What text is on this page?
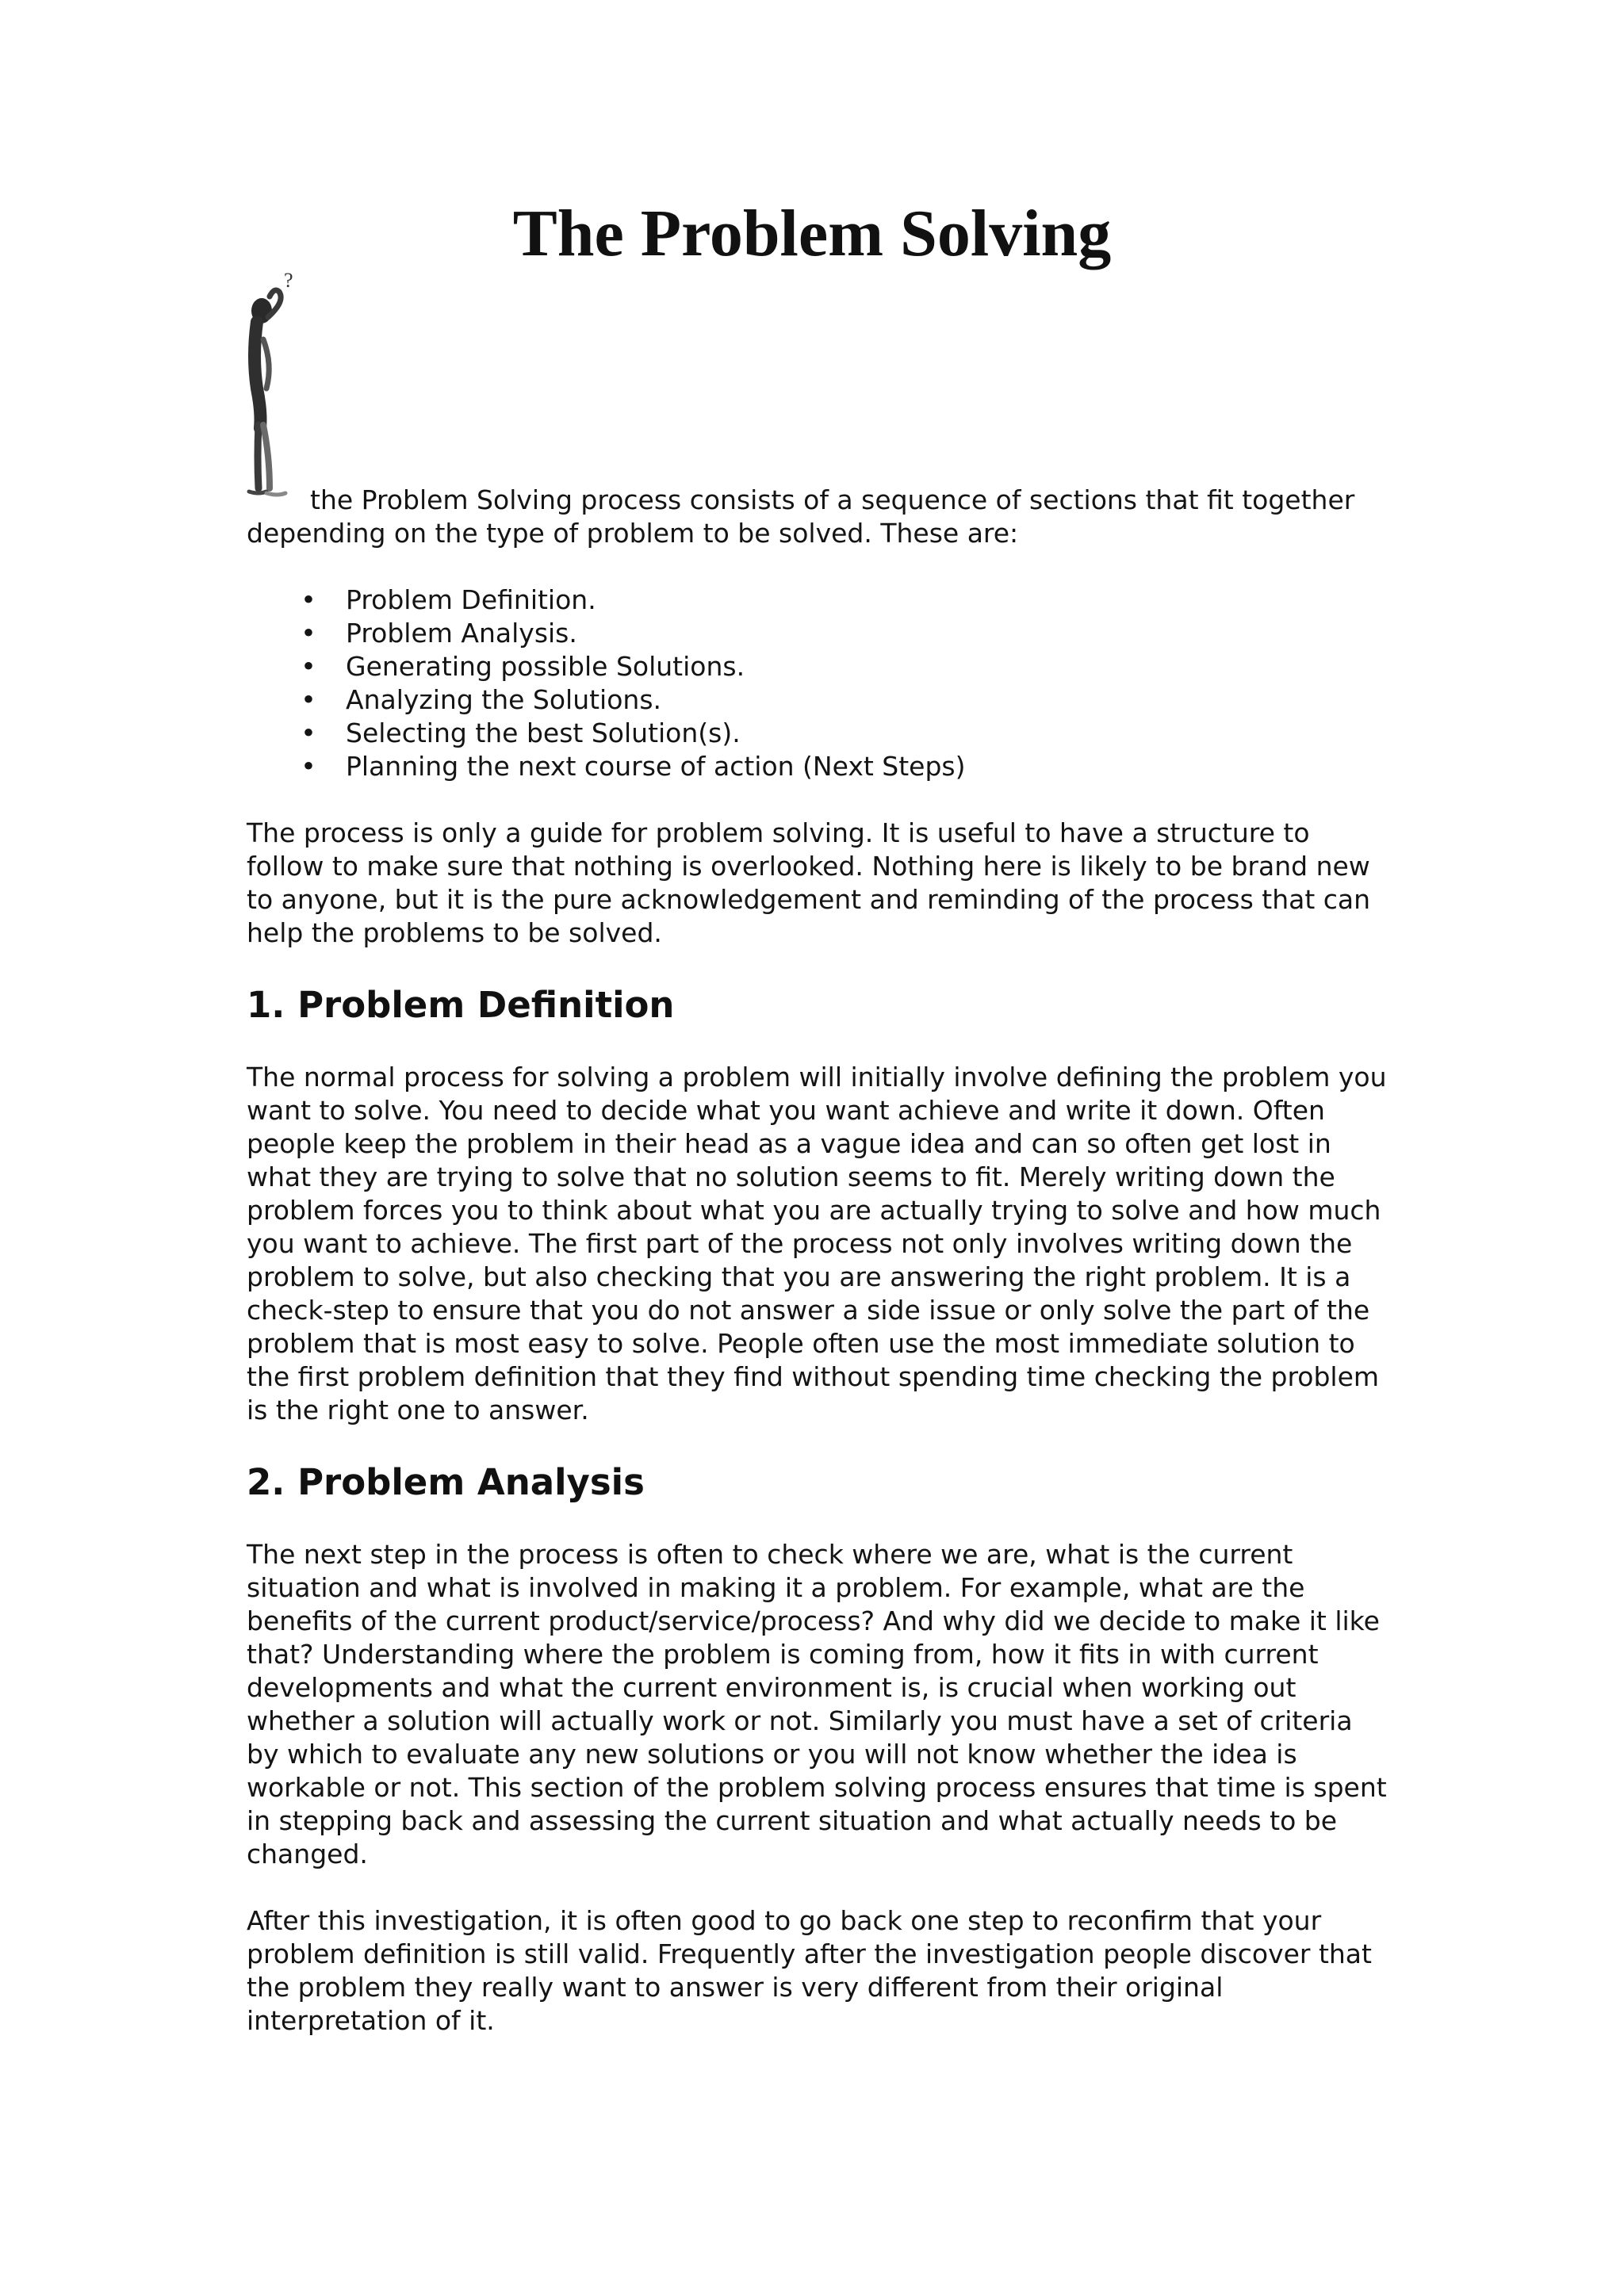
The Problem Solving
?

the Problem Solving process consists of a sequence of sections that fit together depending on the type of problem to be solved. These are:

• Problem Definition.
• Problem Analysis.
• Generating possible Solutions.
• Analyzing the Solutions.
• Selecting the best Solution(s).
• Planning the next course of action (Next Steps)

The process is only a guide for problem solving. It is useful to have a structure to follow to make sure that nothing is overlooked. Nothing here is likely to be brand new to anyone, but it is the pure acknowledgement and reminding of the process that can help the problems to be solved.

1. Problem Definition

The normal process for solving a problem will initially involve defining the problem you want to solve. You need to decide what you want achieve and write it down. Often people keep the problem in their head as a vague idea and can so often get lost in what they are trying to solve that no solution seems to fit. Merely writing down the problem forces you to think about what you are actually trying to solve and how much you want to achieve. The first part of the process not only involves writing down the problem to solve, but also checking that you are answering the right problem. It is a check-step to ensure that you do not answer a side issue or only solve the part of the problem that is most easy to solve. People often use the most immediate solution to the first problem definition that they find without spending time checking the problem is the right one to answer.

2. Problem Analysis

The next step in the process is often to check where we are, what is the current situation and what is involved in making it a problem. For example, what are the benefits of the current product/service/process? And why did we decide to make it like that? Understanding where the problem is coming from, how it fits in with current developments and what the current environment is, is crucial when working out whether a solution will actually work or not. Similarly you must have a set of criteria by which to evaluate any new solutions or you will not know whether the idea is workable or not. This section of the problem solving process ensures that time is spent in stepping back and assessing the current situation and what actually needs to be changed.

After this investigation, it is often good to go back one step to reconfirm that your problem definition is still valid. Frequently after the investigation people discover that the problem they really want to answer is very different from their original interpretation of it.
